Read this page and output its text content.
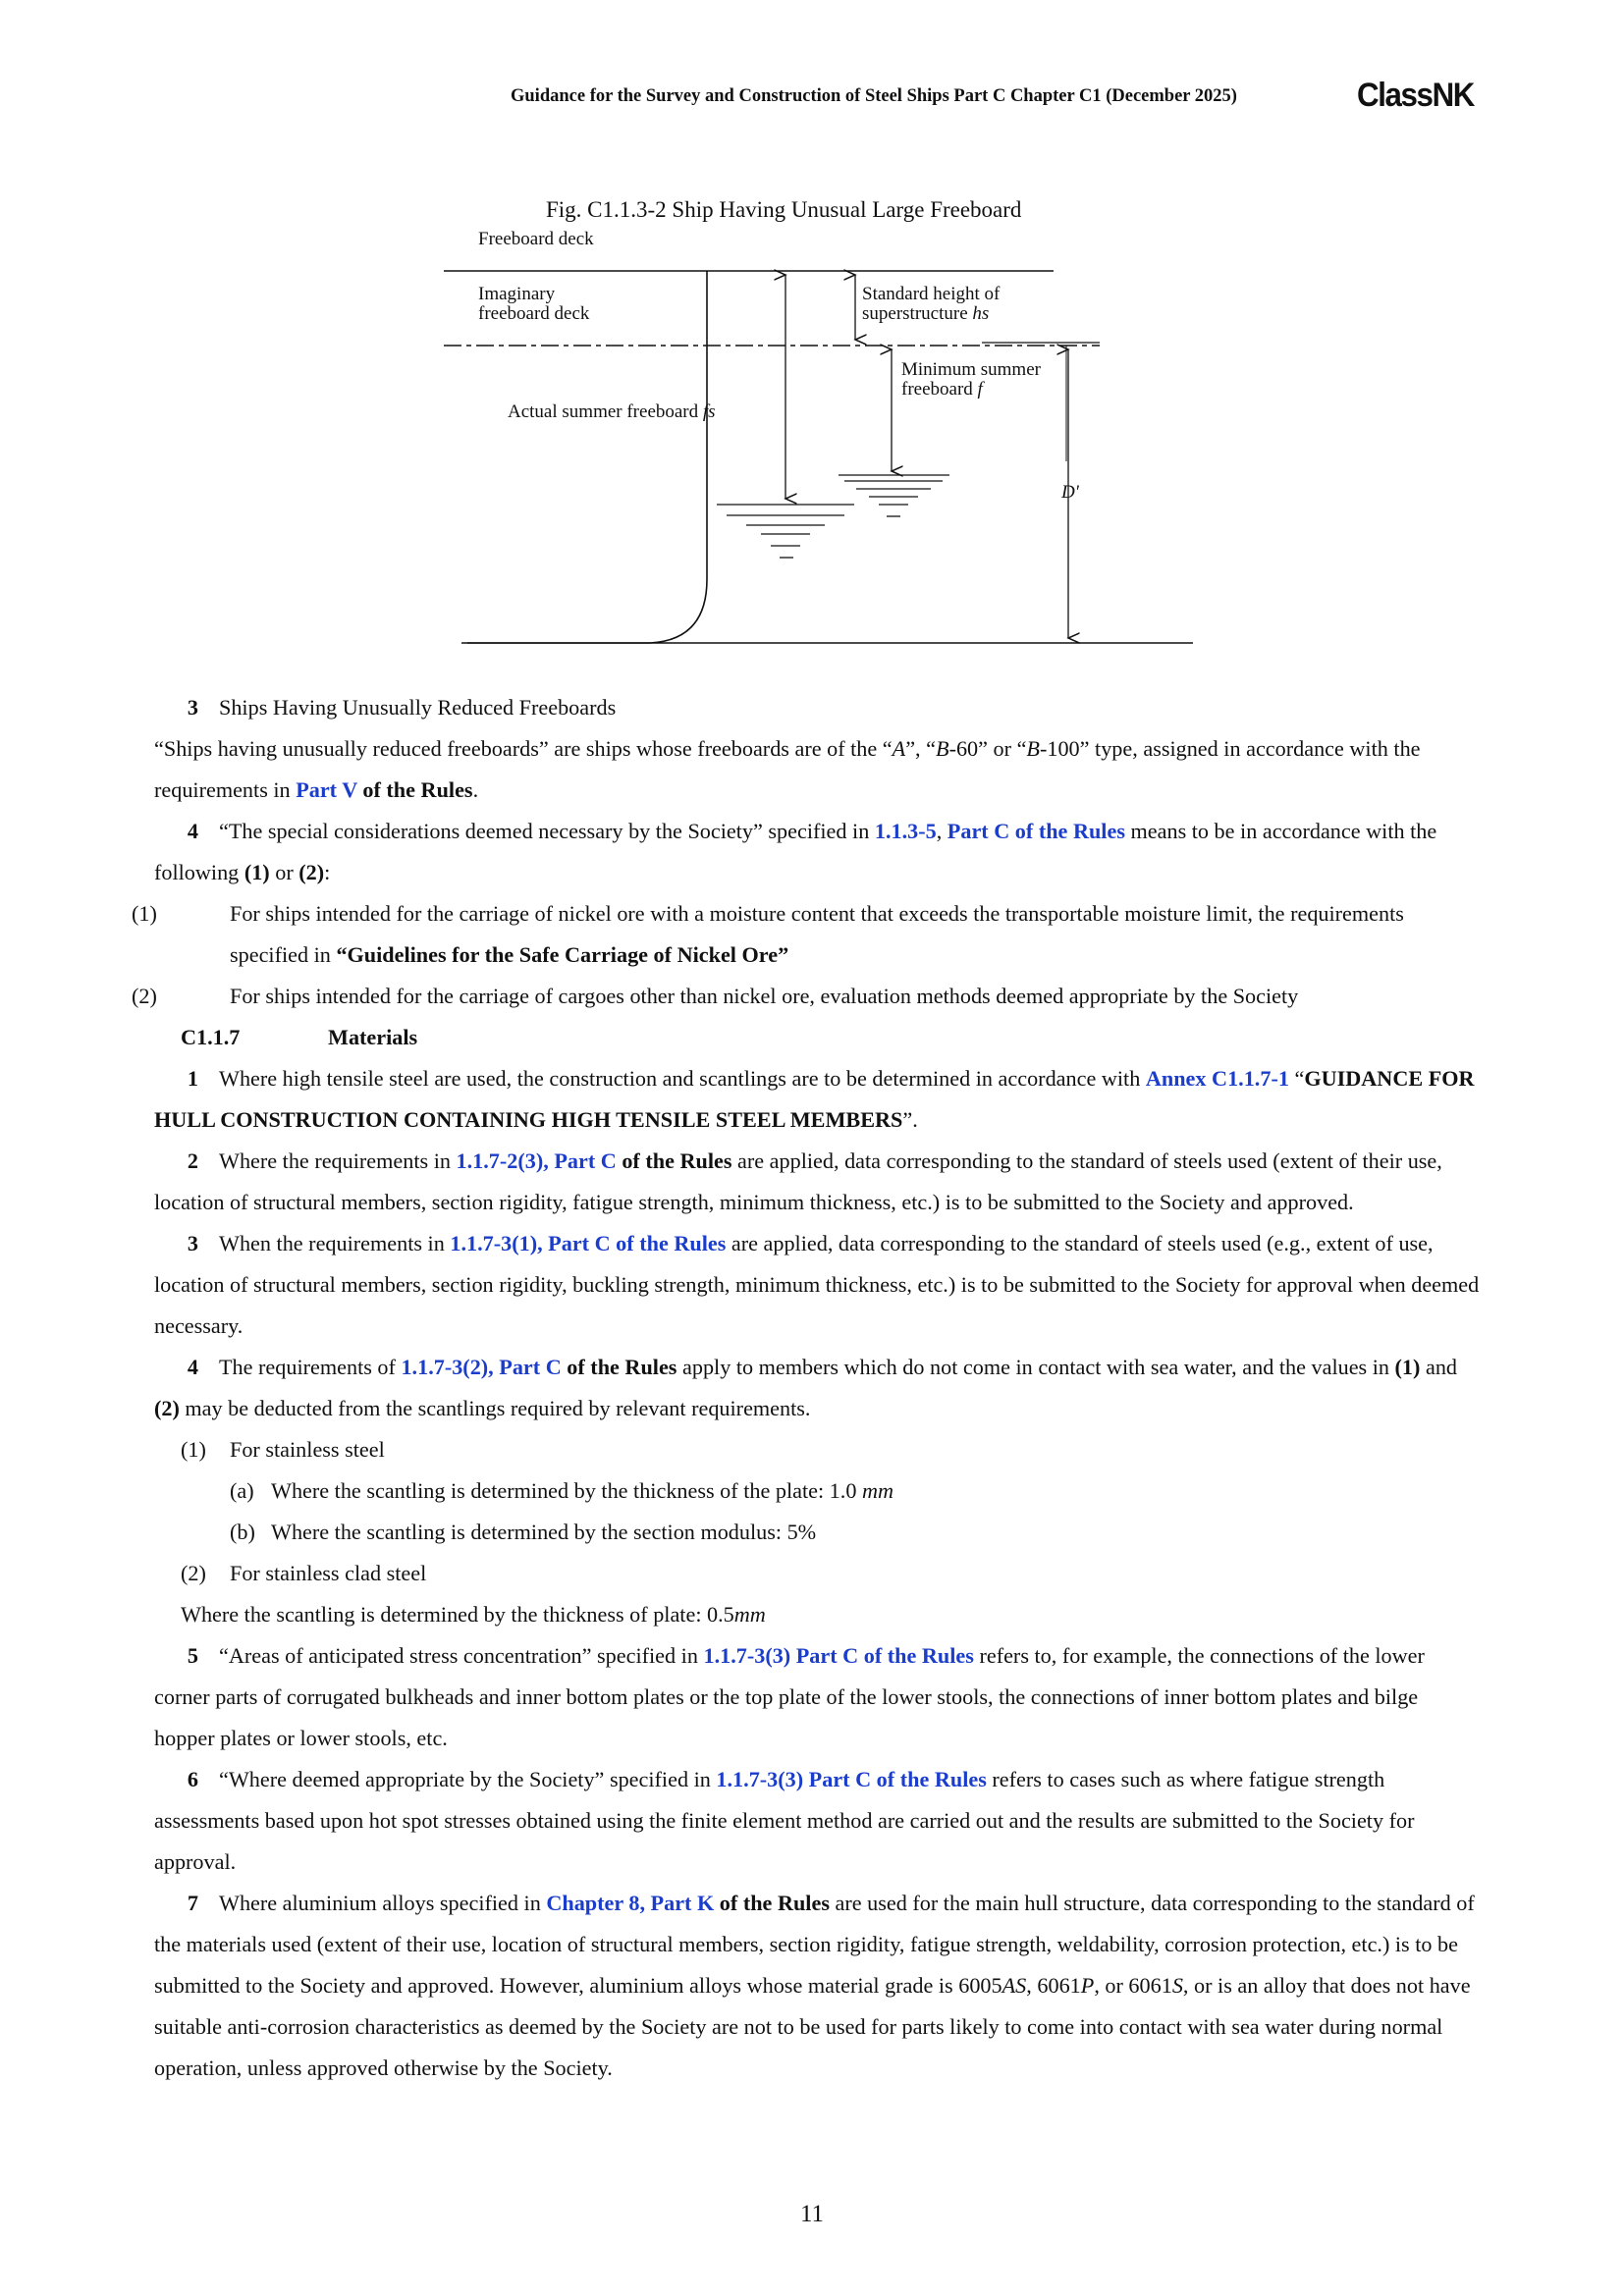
Guidance for the Survey and Construction of Steel Ships Part C Chapter C1 (December 2025)	ClassNK
Fig. C1.1.3-2 Ship Having Unusual Large Freeboard
Freeboard deck
Imaginary
freeboard deck
Standard height of
superstructure hs
Minimum summer
freeboard f
Actual summer freeboard fs
D'

3 Ships Having Unusually Reduced Freeboards

“Ships having unusually reduced freeboards” are ships whose freeboards are of the “A”, “B-60” or “B-100” type, assigned in accordance with the requirements in Part V of the Rules.

4 “The special considerations deemed necessary by the Society” specified in 1.1.3-5, Part C of the Rules means to be in accordance with the following (1) or (2):

(1)	For ships intended for the carriage of nickel ore with a moisture content that exceeds the transportable moisture limit, the requirements specified in “Guidelines for the Safe Carriage of Nickel Ore”

(2)	For ships intended for the carriage of cargoes other than nickel ore, evaluation methods deemed appropriate by the Society

C1.1.7	Materials

1 Where high tensile steel are used, the construction and scantlings are to be determined in accordance with Annex C1.1.7-1 “GUIDANCE FOR HULL CONSTRUCTION CONTAINING HIGH TENSILE STEEL MEMBERS”.

2 Where the requirements in 1.1.7-2(3), Part C of the Rules are applied, data corresponding to the standard of steels used (extent of their use, location of structural members, section rigidity, fatigue strength, minimum thickness, etc.) is to be submitted to the Society and approved.

3 When the requirements in 1.1.7-3(1), Part C of the Rules are applied, data corresponding to the standard of steels used (e.g., extent of use, location of structural members, section rigidity, buckling strength, minimum thickness, etc.) is to be submitted to the Society for approval when deemed necessary.

4 The requirements of 1.1.7-3(2), Part C of the Rules apply to members which do not come in contact with sea water, and the values in (1) and (2) may be deducted from the scantlings required by relevant requirements.

(1) For stainless steel

(a) Where the scantling is determined by the thickness of the plate: 1.0 mm

(b) Where the scantling is determined by the section modulus: 5%

(2) For stainless clad steel

Where the scantling is determined by the thickness of plate: 0.5mm

5 “Areas of anticipated stress concentration” specified in 1.1.7-3(3) Part C of the Rules refers to, for example, the connections of the lower corner parts of corrugated bulkheads and inner bottom plates or the top plate of the lower stools, the connections of inner bottom plates and bilge hopper plates or lower stools, etc.

6 “Where deemed appropriate by the Society” specified in 1.1.7-3(3) Part C of the Rules refers to cases such as where fatigue strength assessments based upon hot spot stresses obtained using the finite element method are carried out and the results are submitted to the Society for approval.

7 Where aluminium alloys specified in Chapter 8, Part K of the Rules are used for the main hull structure, data corresponding to the standard of the materials used (extent of their use, location of structural members, section rigidity, fatigue strength, weldability, corrosion protection, etc.) is to be submitted to the Society and approved. However, aluminium alloys whose material grade is 6005AS, 6061P, or 6061S, or is an alloy that does not have suitable anti-corrosion characteristics as deemed by the Society are not to be used for parts likely to come into contact with sea water during normal operation, unless approved otherwise by the Society.

11
